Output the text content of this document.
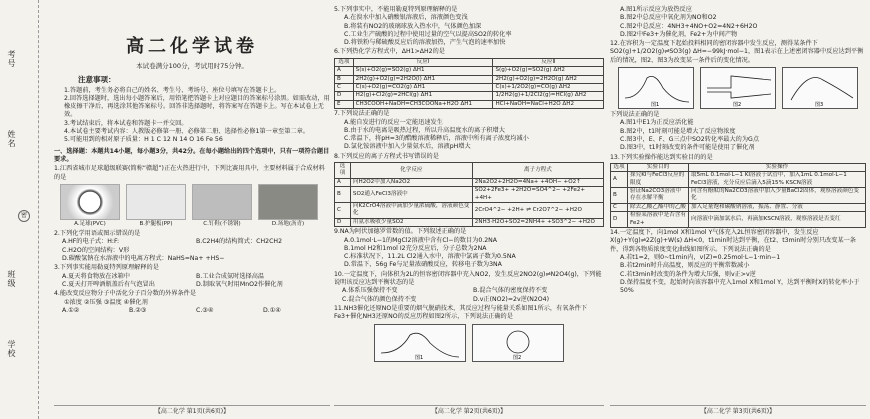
考号
姓名
密
班级
学校
高二化学试卷
本试卷满分100分，考试用时75分钟。
注意事项：

1.答题前，考生务必将自己的姓名、考生号、考场号、座位号填写在答题卡上。

2.回答选择题时，选出每小题答案后，用铅笔把答题卡上对应题目的答案标号涂黑。如需改动，用橡皮擦干净后，再选涂其他答案标号。回答非选择题时，将答案写在答题卡上。写在本试卷上无效。

3.考试结束后，将本试卷和答题卡一并交回。

4.本试卷主要考试内容：人教版必修第一册、必修第二册、选择性必修1第一章至第二章。

5.可能用到的相对原子质量：H 1 C 12 N 14 O 16 Fe 56

一、选择题：本题共14小题，每小题3分，共42分。在每小题给出的四个选项中，只有一项符合题目要求。

1.江西省城市足球超级联赛(简称“赣超”)正在火热进行中，下列比赛用具中，主要材料属于合成材料的是

A.足球(PVC)	B.护腿板(PP)	C.钉鞋(不锈钢)	D.场地(沥青)

2.下列化学用语或图示错误的是

A.HF的电子式：H:F:	B.C2H4的结构简式：CH2CH2
C.H2O的空间结构：V形
D.碳酸氢钠在水溶液中的电离方程式：NaHS=Na+ +HS−

3.下列事实能用勒夏特列原理解释的是

A.夏天将食物放在冰箱中	B.工业合成氨时选择高温
C.夏天打开啤酒瓶盖后有气泡冒出	D.制取氧气时用MnO2作催化剂

4.能改变反应物分子中活化分子百分数的外界条件是

①浓度 ②压强 ③温度 ④催化剂

A.①②	B.②③	C.③④	D.①④
【高二化学 第1页(共6页)】

5.下列事实中，不能用勒夏特列原理解释的是

A.在溴水中加入硝酸银溶液后，溶液颜色变浅

B.将装有NO2的玻璃球放入热水中，气体颜色加深

C.工业生产硫酸的过程中使用过量的空气以提高SO2的转化率

D.将铁粉与稀硫酸反应后的溶液加热，产生气泡的速率加快

6.下列热化学方程式中，ΔH1>ΔH2的是

选项	反应Ⅰ	反应Ⅱ
A	S(s)+O2(g)=SO2(g) ΔH1	S(g)+O2(g)=SO2(g) ΔH2
B	2H2(g)+O2(g)=2H2O(l) ΔH1	2H2(g)+O2(g)=2H2O(g) ΔH2
C	C(s)+O2(g)=CO2(g) ΔH1	C(s)+1/2O2(g)=CO(g) ΔH2
D	H2(g)+Cl2(g)=2HCl(g) ΔH1	1/2H2(g)+1/2Cl2(g)=HCl(g) ΔH2
E	CH3COOH+NaOH=CH3COONa+H2O ΔH1	HCl+NaOH=NaCl+H2O ΔH2

7.下列说法正确的是

A.能自发进行的反应一定能迅速发生

B.由于水的电离是吸热过程，所以升高温度水的离子积增大

C.常温下，将pH=3的醋酸溶液稀释后，溶液中所有离子浓度均减小

D.氯化铵溶液中加入少量氨水后，溶液pH增大

8.下列反应的离子方程式书写错误的是

选项	化学反应	离子方程式
A	向H2O2中加入Na2O2	2Na2O2+2H2O=4Na+ +4OH− +O2↑
B	SO2通入FeCl3溶液中	SO2+2Fe3+ +2H2O=SO4^2− +2Fe2+ +4H+
C	向K2CrO4溶液中滴加少量浓硫酸，溶液颜色变化	2CrO4^2− +2H+ ⇌ Cr2O7^2− +H2O
D	用氨水吸收少量SO2	2NH3·H2O+SO2=2NH4+ +SO3^2− +H2O

9.NA为阿伏加德罗常数的值。下列叙述正确的是

A.0.1mol·L−1的MgCl2溶液中含有Cl−的数目为0.2NA

B.1mol H2和1mol I2充分反应后，分子总数为2NA

C.标准状况下，11.2L Cl2通入水中，溶液中氯离子数为0.5NA

D.常温下，56g Fe与足量浓硝酸反应，转移电子数为3NA

10.一定温度下，向体积为2L的恒容密闭容器中充入NO2，发生反应2NO2(g)⇌N2O4(g)，下列能说明该反应达到平衡状态的是

A.体系压强保持不变	B.混合气体的密度保持不变
C.混合气体的颜色保持不变	D.v正(NO2)=2v逆(N2O4)

11.NH3催化还原NO是重要的烟气脱硝技术，其反应过程与能量关系如图1所示，有氧条件下Fe3+催化NH3还原NO的反应历程如图2所示，下列说法正确的是

图1	图2
【高二化学 第2页(共6页)】

A.图1所示反应为放热反应

B.图2中总反应中氧化剂为NO和O2

C.图2中总反应：4NH3+4NO+O2=4N2+6H2O

D.图2中Fe3+为催化剂，Fe2+为中间产物

12.在容积为一定温度下起始投料相同的密闭容器中发生反应，测得某条件下SO2(g)+1/2O2(g)⇌SO3(g) ΔH=−99kJ·mol−1，图1表示在上述密闭容器中反应达到平衡后的情况，图2、图3为改变某一条件后的变化情况。

图1	图2	图3

下列说法正确的是

A.图1中E1为正反应活化能

B.图2中，t1时刻可能是增大了反应物浓度

C.图3中，E、F、G三点中SO2转化率最大的为G点

D.图3中，t1时刻改变的条件可能是使用了催化剂

13.下列实验操作能达到实验目的的是

选项	实验目的	实验操作
A	探究KI与FeCl3反应的限度	取5mL 0.1mol·L−1 KI溶液于试管中，加入1mL 0.1mol·L−1 FeCl3溶液，充分反应后滴入5滴15% KSCN溶液
B	验证Na2CO3溶液中存在水解平衡	向含有酚酞的Na2CO3溶液中加入少量BaCl2固体，观察溶液颜色变化
C	除去乙酸乙酯中的乙酸	加入足量饱和碳酸钠溶液，振荡、静置、分液
D	检验某溶液中是否含有Fe2+	向溶液中滴加氯水后，再滴加KSCN溶液，观察溶液是否变红

14.一定温度下，向1mol X和1mol Y气体充入2L恒容密闭容器中，发生反应X(g)+Y(g)⇌2Z(g)+W(s) ΔH<0，t1min时达到平衡，在t2、t3min时分别只改变某一条件，得到各物质浓度变化曲线如图所示。下列说法正确的是

A.若t1=2，则0~t1min内，v(Z)=0.25mol·L−1·min−1

B.若t2min时升高温度，则反应的平衡常数减小

C.若t3min时改变的条件为增大压强，则v正>v逆

D.保持温度不变，起始时向该容器中充入1mol X和1mol Y，达到平衡时X的转化率小于50%

【高二化学 第3页(共6页)】
